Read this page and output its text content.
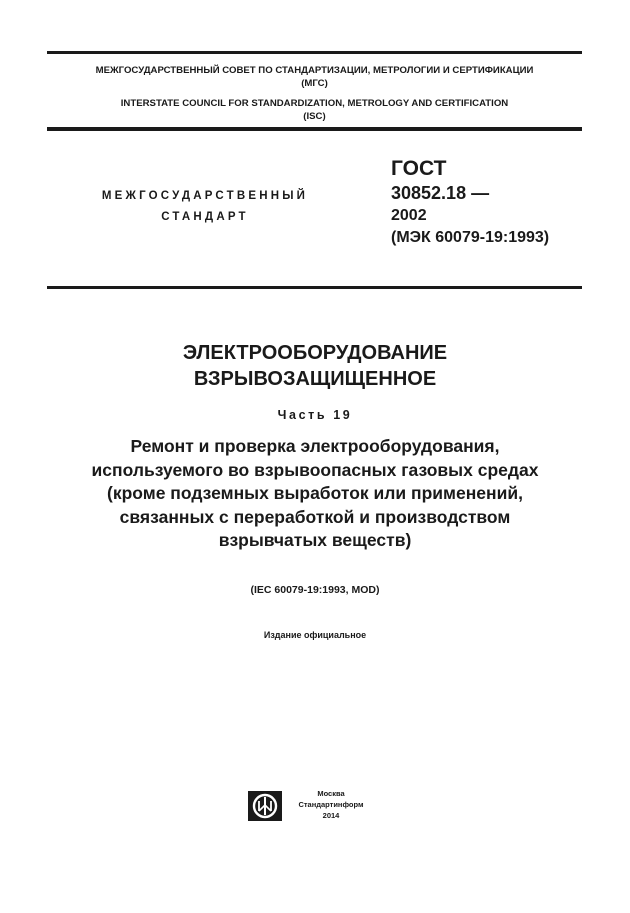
МЕЖГОСУДАРСТВЕННЫЙ СОВЕТ ПО СТАНДАРТИЗАЦИИ, МЕТРОЛОГИИ И СЕРТИФИКАЦИИ
(МГС)
INTERSTATE COUNCIL FOR STANDARDIZATION, METROLOGY AND CERTIFICATION
(ISC)
МЕЖГОСУДАРСТВЕННЫЙ
СТАНДАРТ
ГОСТ
30852.18 —
2002
(МЭК 60079-19:1993)
ЭЛЕКТРООБОРУДОВАНИЕ
ВЗРЫВОЗАЩИЩЕННОЕ
Часть 19
Ремонт и проверка электрооборудования,
используемого во взрывоопасных газовых средах
(кроме подземных выработок или применений,
связанных с переработкой и производством
взрывчатых веществ)
(IEC 60079-19:1993, MOD)
Издание официальное
Москва
Стандартинформ
2014
